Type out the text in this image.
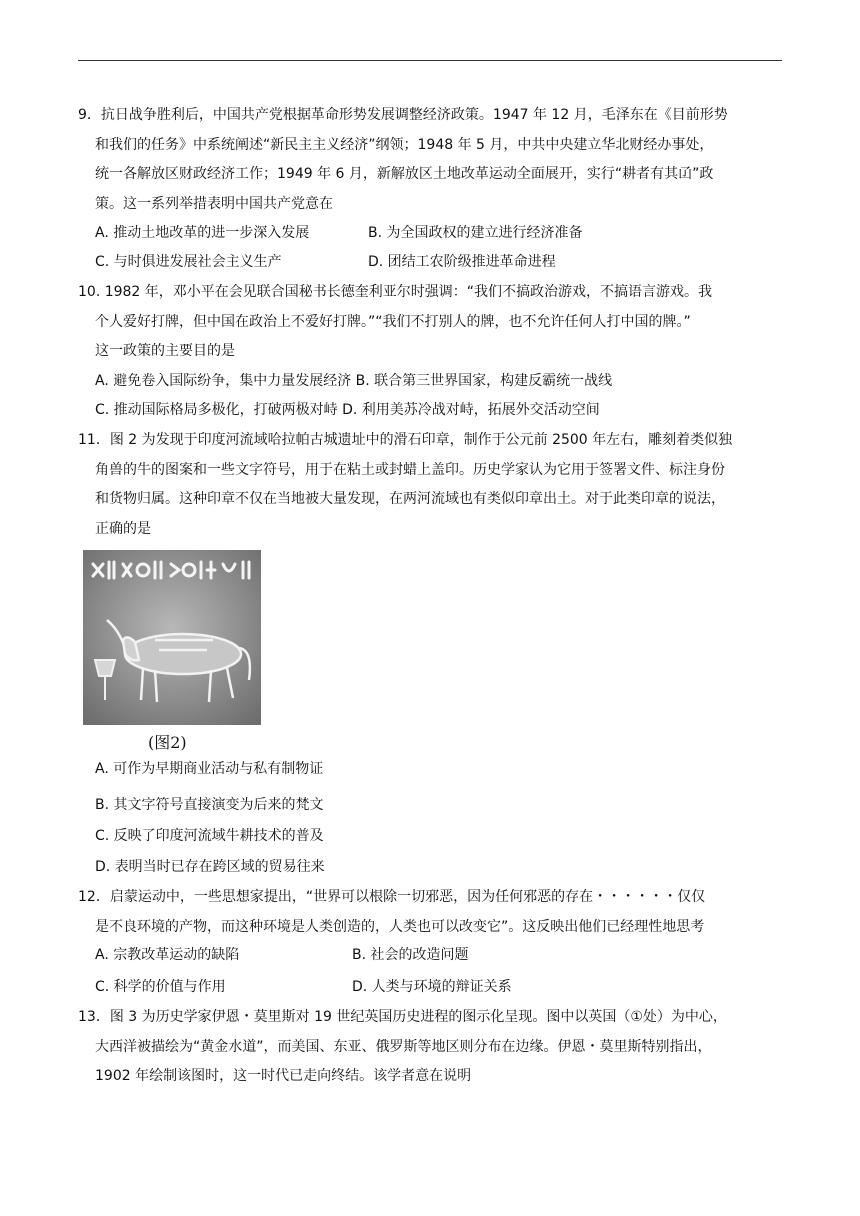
9．抗日战争胜利后，中国共产党根据革命形势发展调整经济政策。1947 年 12 月，毛泽东在《目前形势
和我们的任务》中系统阐述“新民主主义经济”纲领；1948 年 5 月，中共中央建立华北财经办事处，
统一各解放区财政经济工作；1949 年 6 月，新解放区土地改革运动全面展开，实行“耕者有其𠙶”政
策。这一系列举措表明中国共产党意在
A. 推动土地改革的进一步深入发展	B. 为全国政权的建立进行经济准备
C. 与时俱进发展社会主义生产	D. 团结工农阶级推进革命进程
10. 1982 年，邓小平在会见联合国秘书长德奎利亚尔时强调：“我们不搞政治游戏，不搞语言游戏。我
个人爱好打牌，但中国在政治上不爱好打牌。”“我们不打别人的牌，也不允许任何人打中国的牌。”
这一政策的主要目的是
A. 避免卷入国际纷争，集中力量发展经济 B. 联合第三世界国家，构建反霸统一战线
C. 推动国际格局多极化，打破两极对峙 D. 利用美苏冷战对峙，拓展外交活动空间
11．图 2 为发现于印度河流域哈拉帕古城遗址中的滑石印章，制作于公元前 2500 年左右，雕刻着类似独
角兽的牛的图案和一些文字符号，用于在粘土或封蜡上盖印。历史学家认为它用于签署文件、标注身份
和货物归属。这种印章不仅在当地被大量发现，在两河流域也有类似印章出土。对于此类印章的说法，
正确的是
(图2)
A. 可作为早期商业活动与私有制物证
B. 其文字符号直接演变为后来的梵文
C. 反映了印度河流域牛耕技术的普及
D. 表明当时已存在跨区域的贸易往来
12．启蒙运动中，一些思想家提出，“世界可以根除一切邪恶，因为任何邪恶的存在・・・・・・仅仅
是不良环境的产物，而这种环境是人类创造的，人类也可以改变它”。这反映出他们已经理性地思考
A. 宗教改革运动的缺陷	B. 社会的改造问题
C. 科学的价值与作用	D. 人类与环境的辩证关系
13．图 3 为历史学家伊恩・莫里斯对 19 世纪英国历史进程的图示化呈现。图中以英国（①处）为中心，
大西洋被描绘为“黄金水道”，而美国、东亚、俄罗斯等地区则分布在边缘。伊恩・莫里斯特别指出，
1902 年绘制该图时，这一时代已走向终结。该学者意在说明
